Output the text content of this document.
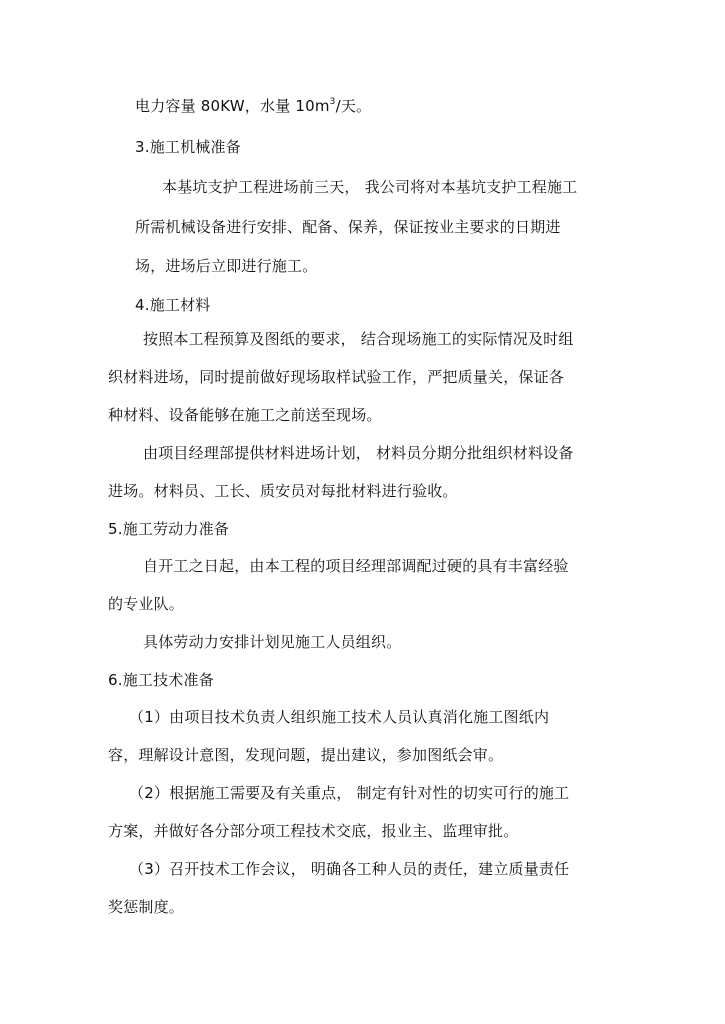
电力容量 80KW，水量 $10m^3/$天。
3.施工机械准备
本基坑支护工程进场前三天， 我公司将对本基坑支护工程施工
所需机械设备进行安排、配备、保养，保证按业主要求的日期进
场，进场后立即进行施工。
4.施工材料
按照本工程预算及图纸的要求， 结合现场施工的实际情况及时组
织材料进场，同时提前做好现场取样试验工作，严把质量关，保证各
种材料、设备能够在施工之前送至现场。
由项目经理部提供材料进场计划， 材料员分期分批组织材料设备
进场。材料员、工长、质安员对每批材料进行验收。
5.施工劳动力准备
自开工之日起，由本工程的项目经理部调配过硬的具有丰富经验
的专业队。
具体劳动力安排计划见施工人员组织。
6.施工技术准备
（1）由项目技术负责人组织施工技术人员认真消化施工图纸内
容，理解设计意图，发现问题，提出建议，参加图纸会审。
（2）根据施工需要及有关重点， 制定有针对性的切实可行的施工
方案，并做好各分部分项工程技术交底，报业主、监理审批。
（3）召开技术工作会议， 明确各工种人员的责任，建立质量责任
奖惩制度。
